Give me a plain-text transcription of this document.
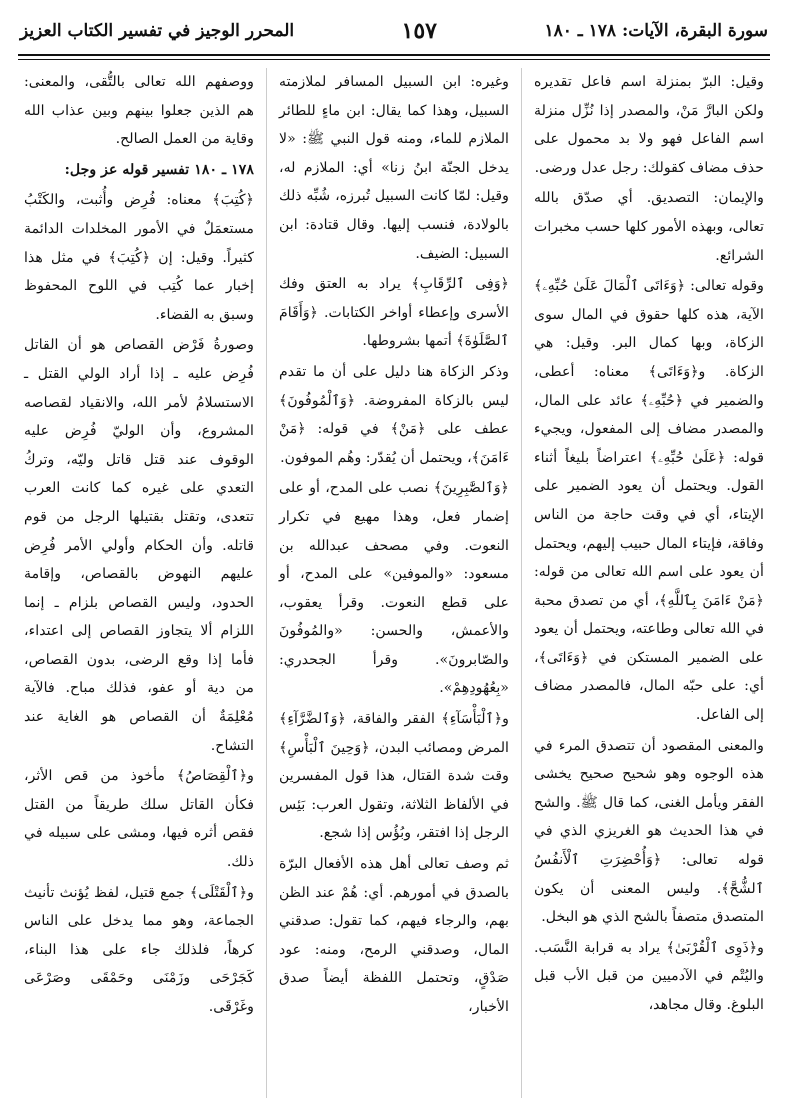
سورة البقرة، الآيات: ١٧٨ ـ ١٨٠
١٥٧
المحرر الوجيز في تفسير الكتاب العزيز

وقيل: البرّ بمنزلة اسم فاعل تقديره ولكن البارَّ مَنْ، والمصدر إذا نُزِّل منزلة اسم الفاعل فهو ولا بد محمول على حذف مضاف كقولك: رجل عدل ورضى.

والإيمان: التصديق. أي صدّق بالله تعالى، وبهذه الأمور كلها حسب مخبرات الشرائع.

وقوله تعالى: ﴿وَءَاتَى ٱلْمَالَ عَلَىٰ حُبِّهِۦ﴾ الآية، هذه كلها حقوق في المال سوى الزكاة، وبها كمال البر. وقيل: هي الزكاة. و﴿وَءَاتَى﴾ معناه: أعطى، والضمير في ﴿حُبِّهِۦ﴾ عائد على المال، والمصدر مضاف إلى المفعول، ويجيء قوله: ﴿عَلَىٰ حُبِّهِۦ﴾ اعتراضاً بليغاً أثناء القول. ويحتمل أن يعود الضمير على الإيتاء، أي في وقت حاجة من الناس وفاقة، فإيتاء المال حبيب إليهم، ويحتمل أن يعود على اسم الله تعالى من قوله: ﴿مَنْ ءَامَنَ بِٱللَّهِ﴾، أي من تصدق محبة في الله تعالى وطاعته، ويحتمل أن يعود على الضمير المستكن في ﴿وَءَاتَى﴾، أي: على حبّه المال، فالمصدر مضاف إلى الفاعل.

والمعنى المقصود أن تتصدق المرء في هذه الوجوه وهو شحيح صحيح يخشى الفقر ويأمل الغنى، كما قال ﷺ. والشح في هذا الحديث هو الغريزي الذي في قوله تعالى: ﴿وَأُحْضِرَتِ ٱلْأَنفُسُ ٱلشُّحَّ﴾. وليس المعنى أن يكون المتصدق متصفاً بالشح الذي هو البخل.

و﴿ذَوِى ٱلْقُرْبَىٰ﴾ يراد به قرابة النَّسَب. واليُتْم في الآدميين من قبل الأب قبل البلوغ. وقال مجاهد،

وغيره: ابن السبيل المسافر لملازمته السبيل، وهذا كما يقال: ابن ماءٍ للطائر الملازم للماء، ومنه قول النبي ﷺ: «لا يدخل الجنّة ابنُ زنا» أي: الملازم له، وقيل: لمّا كانت السبيل تُبرزه، شُبِّه ذلك بالولادة، فنسب إليها. وقال قتادة: ابن السبيل: الضيف.

﴿وَفِى ٱلرِّقَابِ﴾ يراد به العتق وفك الأسرى وإعطاء أواخر الكتابات. ﴿وَأَقَامَ ٱلصَّلَوٰةَ﴾ أتمها بشروطها.

وذكر الزكاة هنا دليل على أن ما تقدم ليس بالزكاة المفروضة. ﴿وَٱلْمُوفُونَ﴾ عطف على ﴿مَنْ﴾ في قوله: ﴿مَنْ ءَامَنَ﴾، ويحتمل أن يُقدّر: وهُم الموفون.

﴿وَٱلصَّٰبِرِينَ﴾ نصب على المدح، أو على إضمار فعل، وهذا مهيع في تكرار النعوت. وفي مصحف عبدالله بن مسعود: «والموفين» على المدح، أو على قطع النعوت. وقرأ يعقوب، والأعمش، والحسن: «والمُوفُونَ والصّابرونَ». وقرأ الجحدري: «بِعُهُودِهِمْ».

و﴿ٱلْبَأْسَآءِ﴾ الفقر والفاقة، ﴿وَٱلضَّرَّآءِ﴾ المرض ومصائب البدن، ﴿وَحِينَ ٱلْبَأْسِ﴾ وقت شدة القتال، هذا قول المفسرين في الألفاظ الثلاثة، وتقول العرب: بَئِس الرجل إذا افتقر، وبُؤُس إذا شجع.

ثم وصف تعالى أهل هذه الأفعال البرّة بالصدق في أمورهم. أي: هُمْ عند الظن بهم، والرجاء فيهم، كما تقول: صدقني المال، وصدقني الرمح، ومنه: عود صَدْقٍ، وتحتمل اللفظة أيضاً صدق الأخبار،

ووصفهم الله تعالى بالتُّقى، والمعنى: هم الذين جعلوا بينهم وبين عذاب الله وقاية من العمل الصالح.

١٧٨ ـ ١٨٠ تفسير قوله عز وجل:

﴿كُتِبَ﴾ معناه: فُرِض وأُثبت، والكَتْبُ مستعمَلٌ في الأمور المخلدات الدائمة كثيراً. وقيل: إن ﴿كُتِبَ﴾ في مثل هذا إخبار عما كُتِب في اللوح المحفوظ وسبق به القضاء.

وصورةُ فَرْض القصاص هو أن القاتل فُرِض عليه ـ إذا أراد الولي القتل ـ الاستسلامُ لأمر الله، والانقياد لقصاصه المشروع، وأن الوليّ فُرِض عليه الوقوف عند قتل قاتل وليّه، وتركُ التعدي على غيره كما كانت العرب تتعدى، وتقتل بقتيلها الرجل من قوم قاتله. وأن الحكام وأولي الأمر فُرِض عليهم النهوض بالقصاص، وإقامة الحدود، وليس القصاص بلزام ـ إنما اللزام ألا يتجاوز القصاص إلى اعتداء، فأما إذا وقع الرضى، بدون القصاص، من دية أو عفو، فذلك مباح. فالآية مُعْلِمَةٌ أن القصاص هو الغاية عند التشاح.

و﴿ٱلْقِصَاصُ﴾ مأخوذ من قص الأثر، فكأن القاتل سلك طريقاً من القتل فقص أثره فيها، ومشى على سبيله في ذلك.

و﴿ٱلْقَتْلَى﴾ جمع قتيل، لفظ يُؤنث تأنيث الجماعة، وهو مما يدخل على الناس كرهاً، فلذلك جاء على هذا البناء، كَجَرْحَى وزَمْنَى وحَمْقَى وصَرْعَى وغَرْقَى.
